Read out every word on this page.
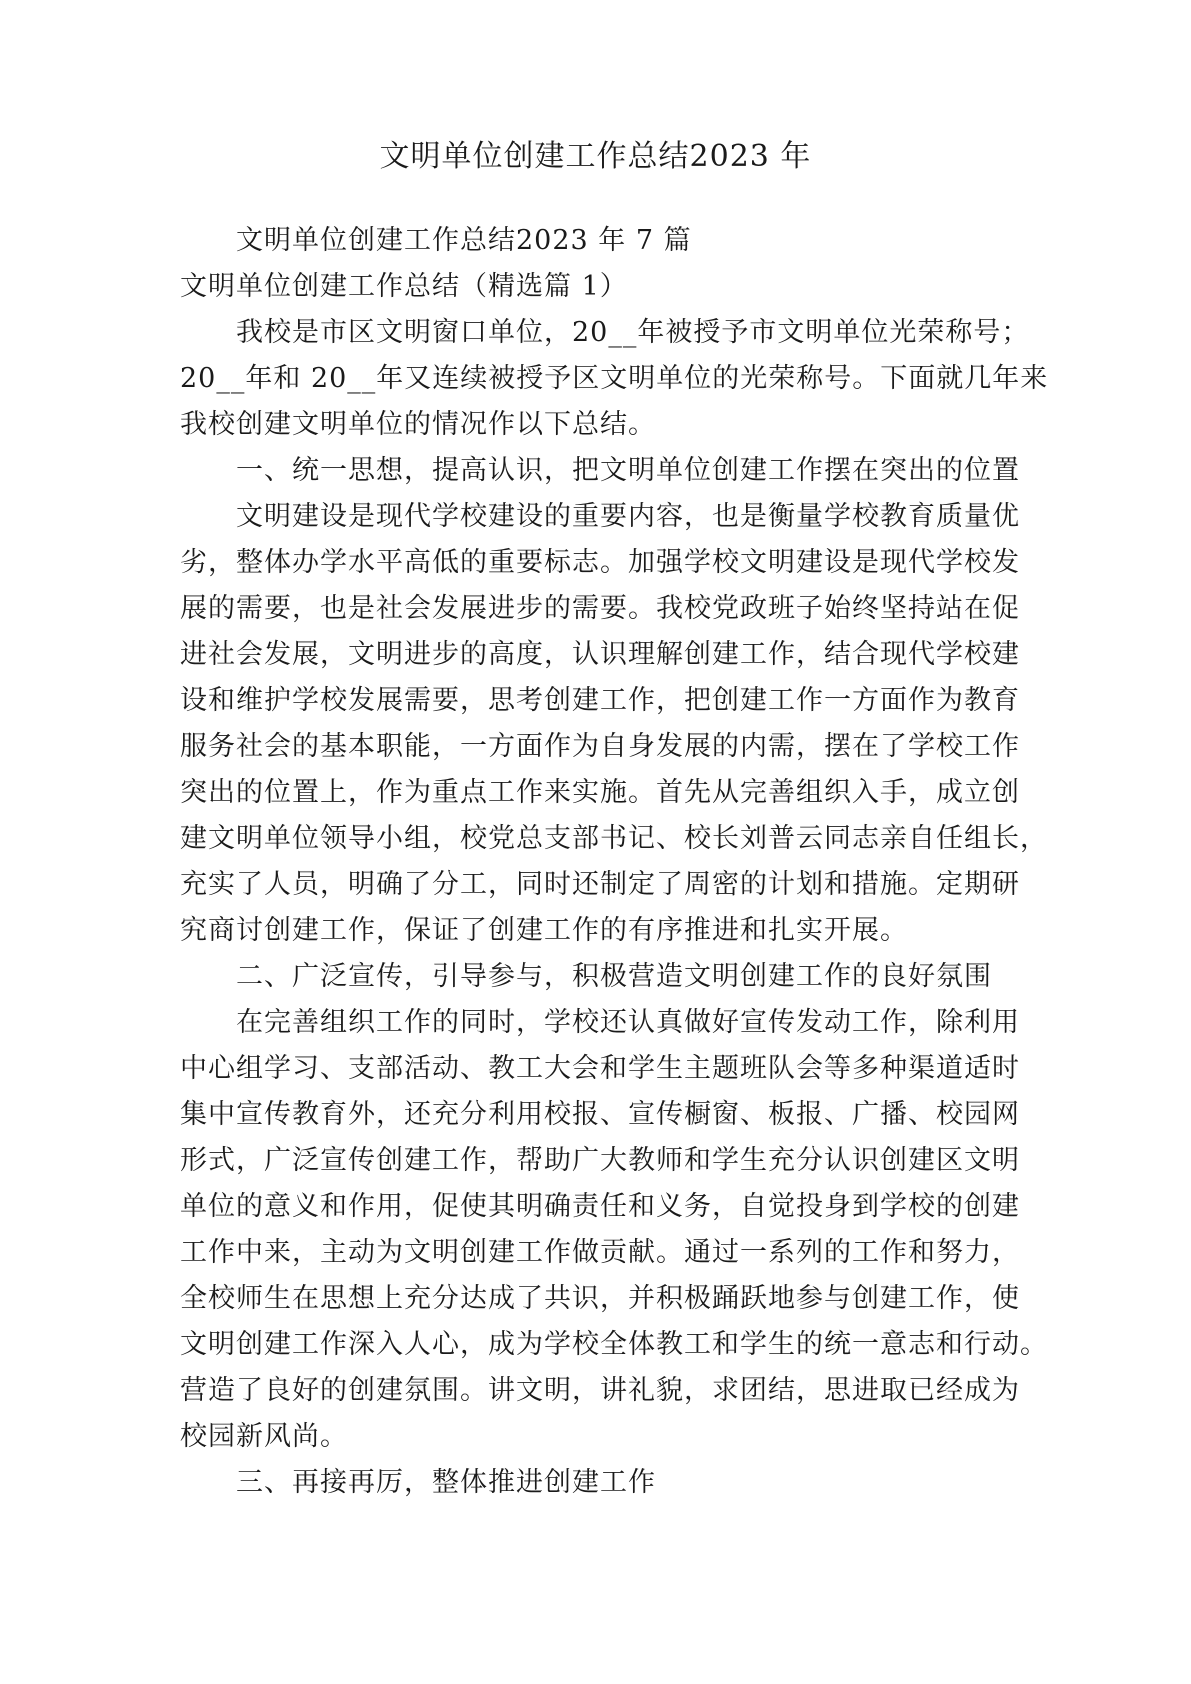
文明单位创建工作总结2023 年
文明单位创建工作总结2023 年 7 篇
文明单位创建工作总结（精选篇 1）
我校是市区文明窗口单位，20__年被授予市文明单位光荣称号；
20__年和 20__年又连续被授予区文明单位的光荣称号。下面就几年来
我校创建文明单位的情况作以下总结。
一、统一思想，提高认识，把文明单位创建工作摆在突出的位置
文明建设是现代学校建设的重要内容，也是衡量学校教育质量优
劣，整体办学水平高低的重要标志。加强学校文明建设是现代学校发
展的需要，也是社会发展进步的需要。我校党政班子始终坚持站在促
进社会发展，文明进步的高度，认识理解创建工作，结合现代学校建
设和维护学校发展需要，思考创建工作，把创建工作一方面作为教育
服务社会的基本职能，一方面作为自身发展的内需，摆在了学校工作
突出的位置上，作为重点工作来实施。首先从完善组织入手，成立创
建文明单位领导小组，校党总支部书记、校长刘普云同志亲自任组长，
充实了人员，明确了分工，同时还制定了周密的计划和措施。定期研
究商讨创建工作，保证了创建工作的有序推进和扎实开展。
二、广泛宣传，引导参与，积极营造文明创建工作的良好氛围
在完善组织工作的同时，学校还认真做好宣传发动工作，除利用
中心组学习、支部活动、教工大会和学生主题班队会等多种渠道适时
集中宣传教育外，还充分利用校报、宣传橱窗、板报、广播、校园网
形式，广泛宣传创建工作，帮助广大教师和学生充分认识创建区文明
单位的意义和作用，促使其明确责任和义务，自觉投身到学校的创建
工作中来，主动为文明创建工作做贡献。通过一系列的工作和努力，
全校师生在思想上充分达成了共识，并积极踊跃地参与创建工作，使
文明创建工作深入人心，成为学校全体教工和学生的统一意志和行动。
营造了良好的创建氛围。讲文明，讲礼貌，求团结，思进取已经成为
校园新风尚。
三、再接再厉，整体推进创建工作
